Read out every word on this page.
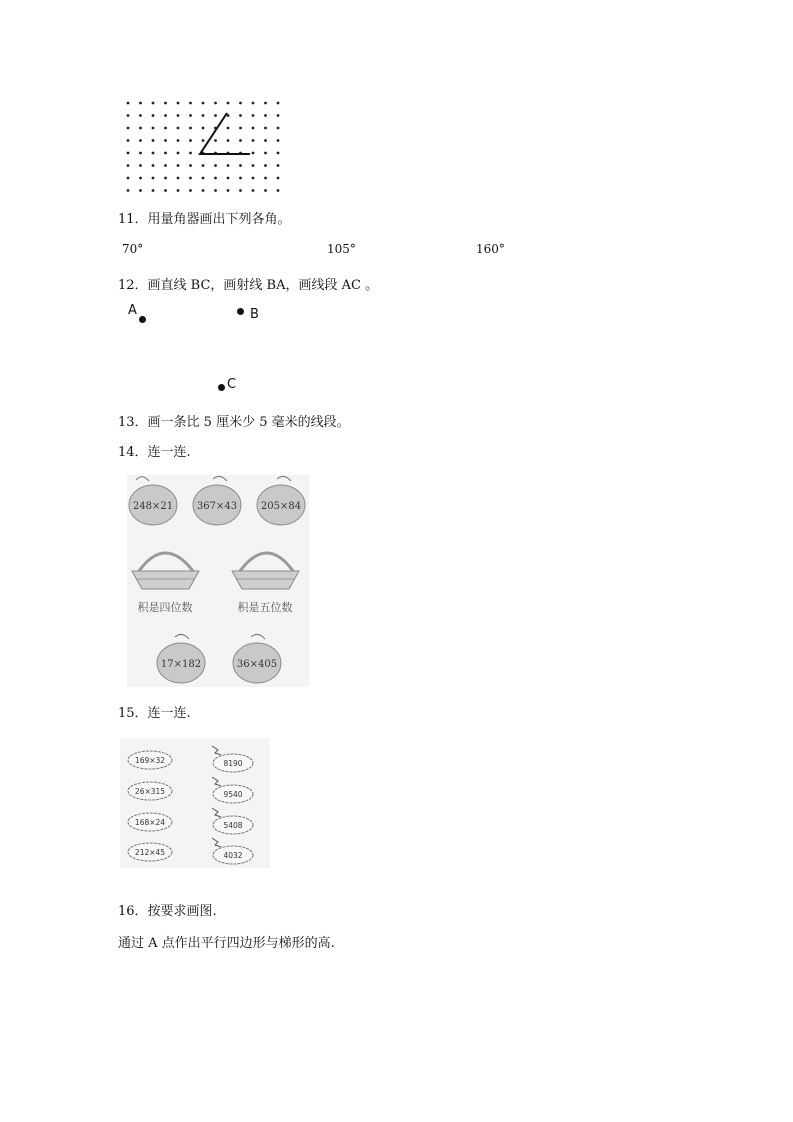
11．用量角器画出下列各角。
70°	105°	160°
12．画直线 BC，画射线 BA，画线段 AC 。
A	B
C
13．画一条比 5 厘米少 5 毫米的线段。
14．连一连.
248×21 367×43 205×84
积是四位数	积是五位数
17×182	36×405
15．连一连.
169×32	8190
26×315	9540
168×24	5408
212×45	4032
16．按要求画图.
通过 A 点作出平行四边形与梯形的高.
